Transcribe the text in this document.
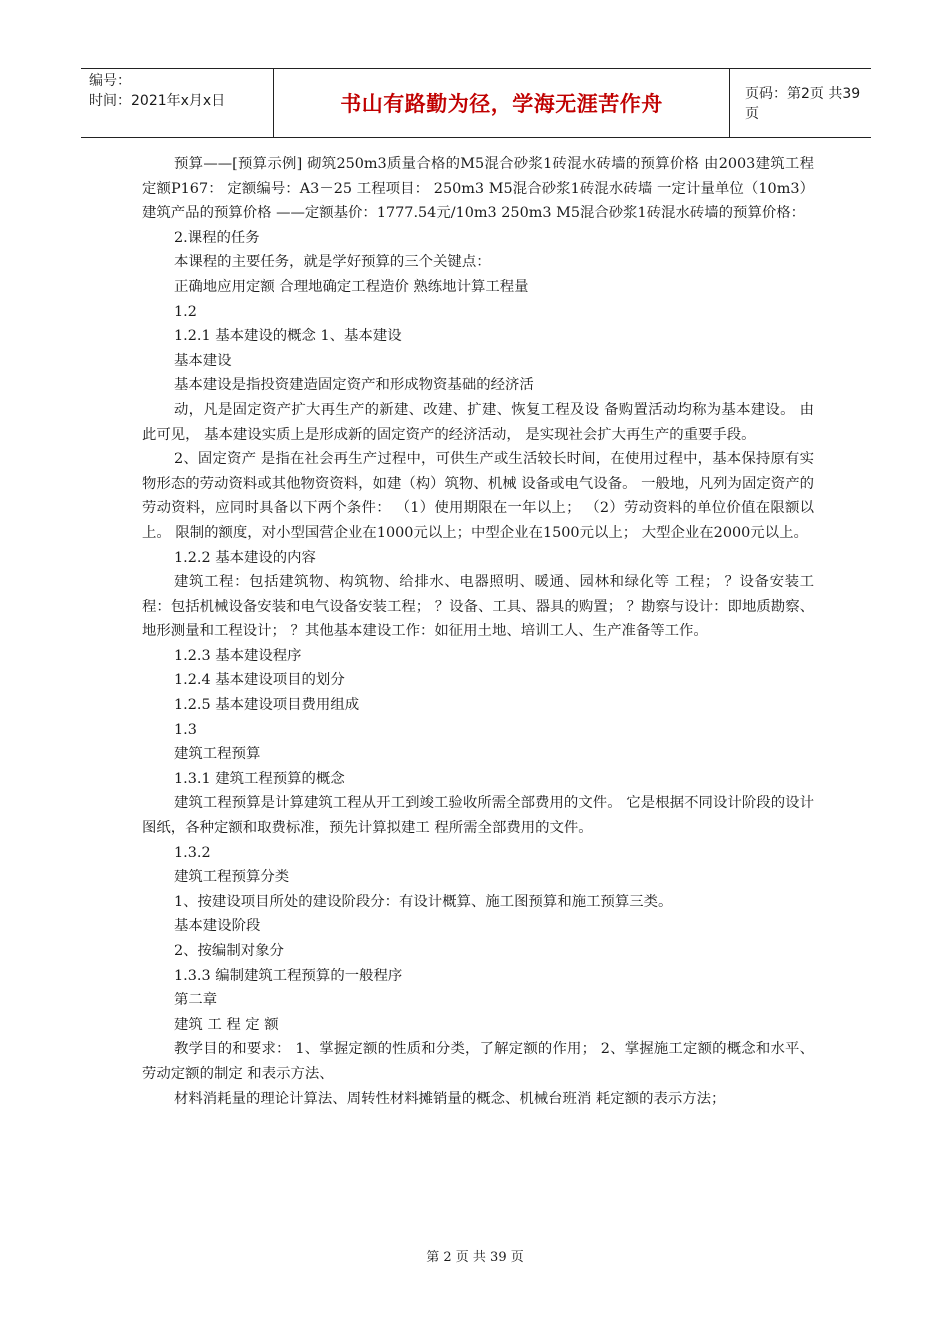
编号：
时间：2021年x月x日	书山有路勤为径，学海无涯苦作舟	页码：第2页 共39页

预算——[预算示例] 砌筑250m3质量合格的M5混合砂浆1砖混水砖墙的预算价格 由2003建筑工程定额P167： 定额编号：A3－25 工程项目： 250m3 M5混合砂浆1砖混水砖墙 一定计量单位（10m3）建筑产品的预算价格 ——定额基价：1777.54元/10m3 250m3 M5混合砂浆1砖混水砖墙的预算价格：

2.课程的任务

本课程的主要任务，就是学好预算的三个关键点：

正确地应用定额 合理地确定工程造价 熟练地计算工程量

1.2

1.2.1 基本建设的概念 1、基本建设

基本建设

基本建设是指投资建造固定资产和形成物资基础的经济活

动，凡是固定资产扩大再生产的新建、改建、扩建、恢复工程及设 备购置活动均称为基本建设。 由此可见， 基本建设实质上是形成新的固定资产的经济活动， 是实现社会扩大再生产的重要手段。

2、固定资产 是指在社会再生产过程中，可供生产或生活较长时间，在使用过程中，基本保持原有实物形态的劳动资料或其他物资资料，如建（构）筑物、机械 设备或电气设备。 一般地，凡列为固定资产的劳动资料，应同时具备以下两个条件： （1）使用期限在一年以上； （2）劳动资料的单位价值在限额以上。 限制的额度，对小型国营企业在1000元以上；中型企业在1500元以上； 大型企业在2000元以上。

1.2.2 基本建设的内容

建筑工程：包括建筑物、构筑物、给排水、电器照明、暖通、园林和绿化等 工程； ？设备安装工程：包括机械设备安装和电气设备安装工程； ？设备、工具、器具的购置； ？勘察与设计：即地质勘察、地形测量和工程设计； ？其他基本建设工作：如征用土地、培训工人、生产准备等工作。

1.2.3 基本建设程序

1.2.4 基本建设项目的划分

1.2.5 基本建设项目费用组成

1.3

建筑工程预算

1.3.1 建筑工程预算的概念

建筑工程预算是计算建筑工程从开工到竣工验收所需全部费用的文件。 它是根据不同设计阶段的设计图纸，各种定额和取费标准，预先计算拟建工 程所需全部费用的文件。

1.3.2

建筑工程预算分类

1、按建设项目所处的建设阶段分：有设计概算、施工图预算和施工预算三类。

基本建设阶段

2、按编制对象分

1.3.3 编制建筑工程预算的一般程序

第二章

建筑 工 程 定 额

教学目的和要求： 1、掌握定额的性质和分类，了解定额的作用； 2、掌握施工定额的概念和水平、劳动定额的制定 和表示方法、

材料消耗量的理论计算法、周转性材料摊销量的概念、机械台班消 耗定额的表示方法；

第 2 页 共 39 页
